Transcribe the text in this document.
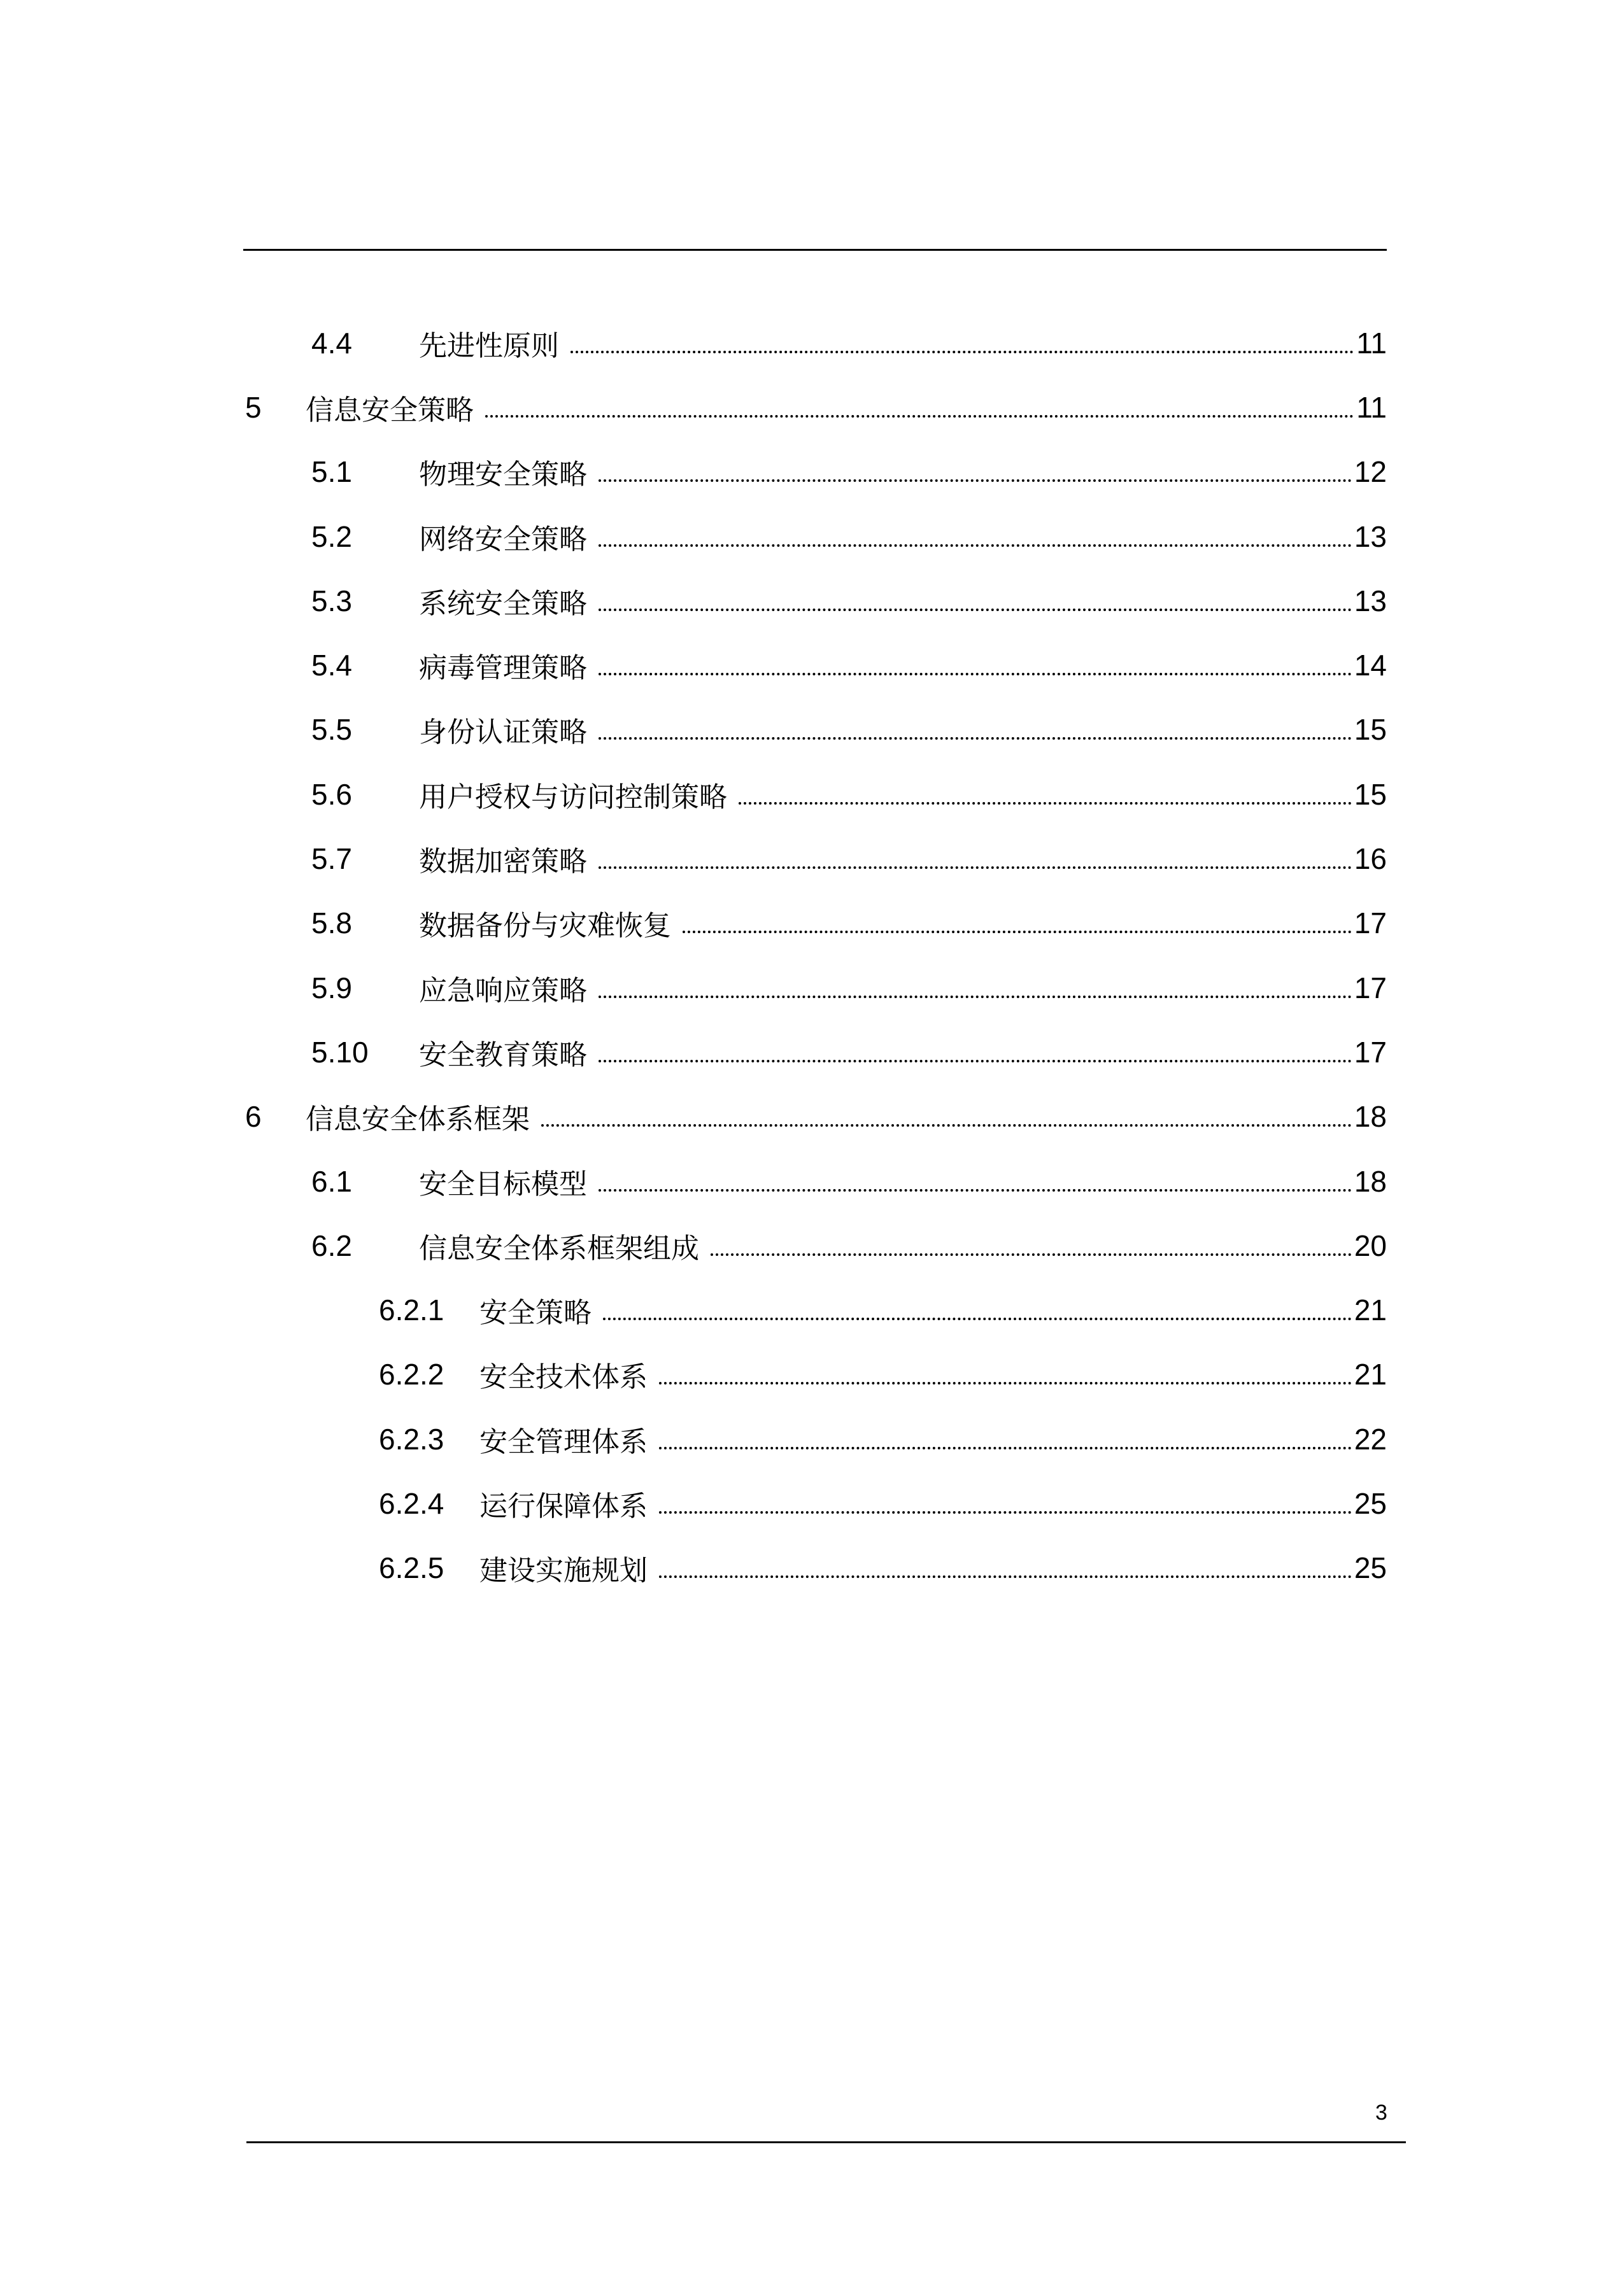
4.4	先进性原则	11
5	信息安全策略	11
5.1	物理安全策略	12
5.2	网络安全策略	13
5.3	系统安全策略	13
5.4	病毒管理策略	14
5.5	身份认证策略	15
5.6	用户授权与访问控制策略	15
5.7	数据加密策略	16
5.8	数据备份与灾难恢复	17
5.9	应急响应策略	17
5.10	安全教育策略	17
6	信息安全体系框架	18
6.1	安全目标模型	18
6.2	信息安全体系框架组成	20
6.2.1	安全策略	21
6.2.2	安全技术体系	21
6.2.3	安全管理体系	22
6.2.4	运行保障体系	25
6.2.5	建设实施规划	25
3
